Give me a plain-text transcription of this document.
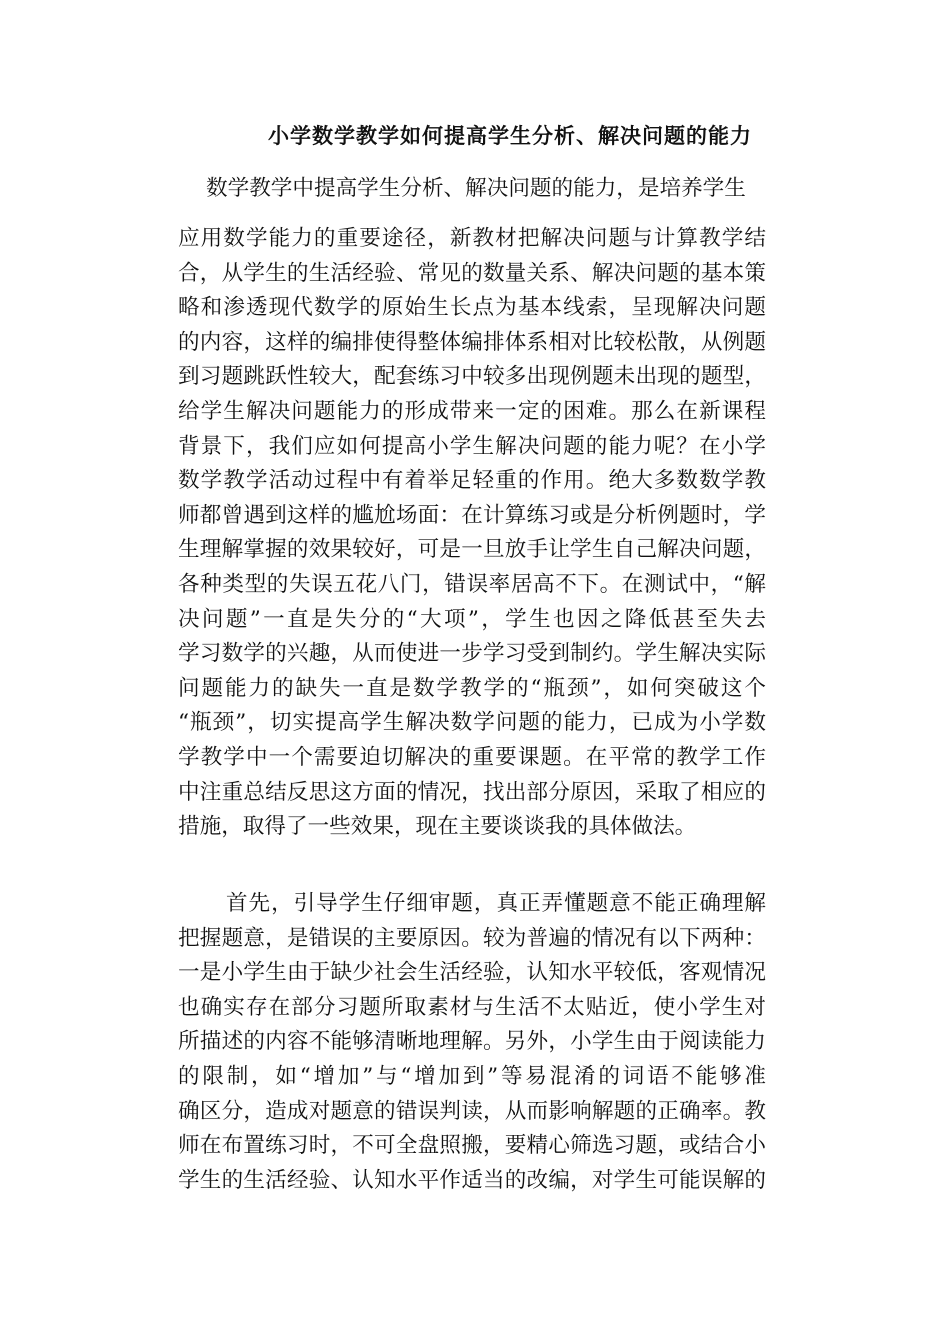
小学数学教学如何提高学生分析、解决问题的能力
数学教学中提高学生分析、解决问题的能力，是培养学生
应用数学能力的重要途径，新教材把解决问题与计算教学结
合，从学生的生活经验、常见的数量关系、解决问题的基本策
略和渗透现代数学的原始生长点为基本线索，呈现解决问题
的内容，这样的编排使得整体编排体系相对比较松散，从例题
到习题跳跃性较大，配套练习中较多出现例题未出现的题型，
给学生解决问题能力的形成带来一定的困难。那么在新课程
背景下，我们应如何提高小学生解决问题的能力呢？在小学
数学教学活动过程中有着举足轻重的作用。绝大多数数学教
师都曾遇到这样的尴尬场面：在计算练习或是分析例题时，学
生理解掌握的效果较好，可是一旦放手让学生自己解决问题，
各种类型的失误五花八门，错误率居高不下。在测试中，“解
决问题”一直是失分的“大项”，学生也因之降低甚至失去
学习数学的兴趣，从而使进一步学习受到制约。学生解决实际
问题能力的缺失一直是数学教学的“瓶颈”，如何突破这个
“瓶颈”，切实提高学生解决数学问题的能力，已成为小学数
学教学中一个需要迫切解决的重要课题。在平常的教学工作
中注重总结反思这方面的情况，找出部分原因，采取了相应的
措施，取得了一些效果，现在主要谈谈我的具体做法。
首先，引导学生仔细审题，真正弄懂题意不能正确理解
把握题意，是错误的主要原因。较为普遍的情况有以下两种：
一是小学生由于缺少社会生活经验，认知水平较低，客观情况
也确实存在部分习题所取素材与生活不太贴近，使小学生对
所描述的内容不能够清晰地理解。另外，小学生由于阅读能力
的限制，如“增加”与“增加到”等易混淆的词语不能够准
确区分，造成对题意的错误判读，从而影响解题的正确率。教
师在布置练习时，不可全盘照搬，要精心筛选习题，或结合小
学生的生活经验、认知水平作适当的改编，对学生可能误解的
